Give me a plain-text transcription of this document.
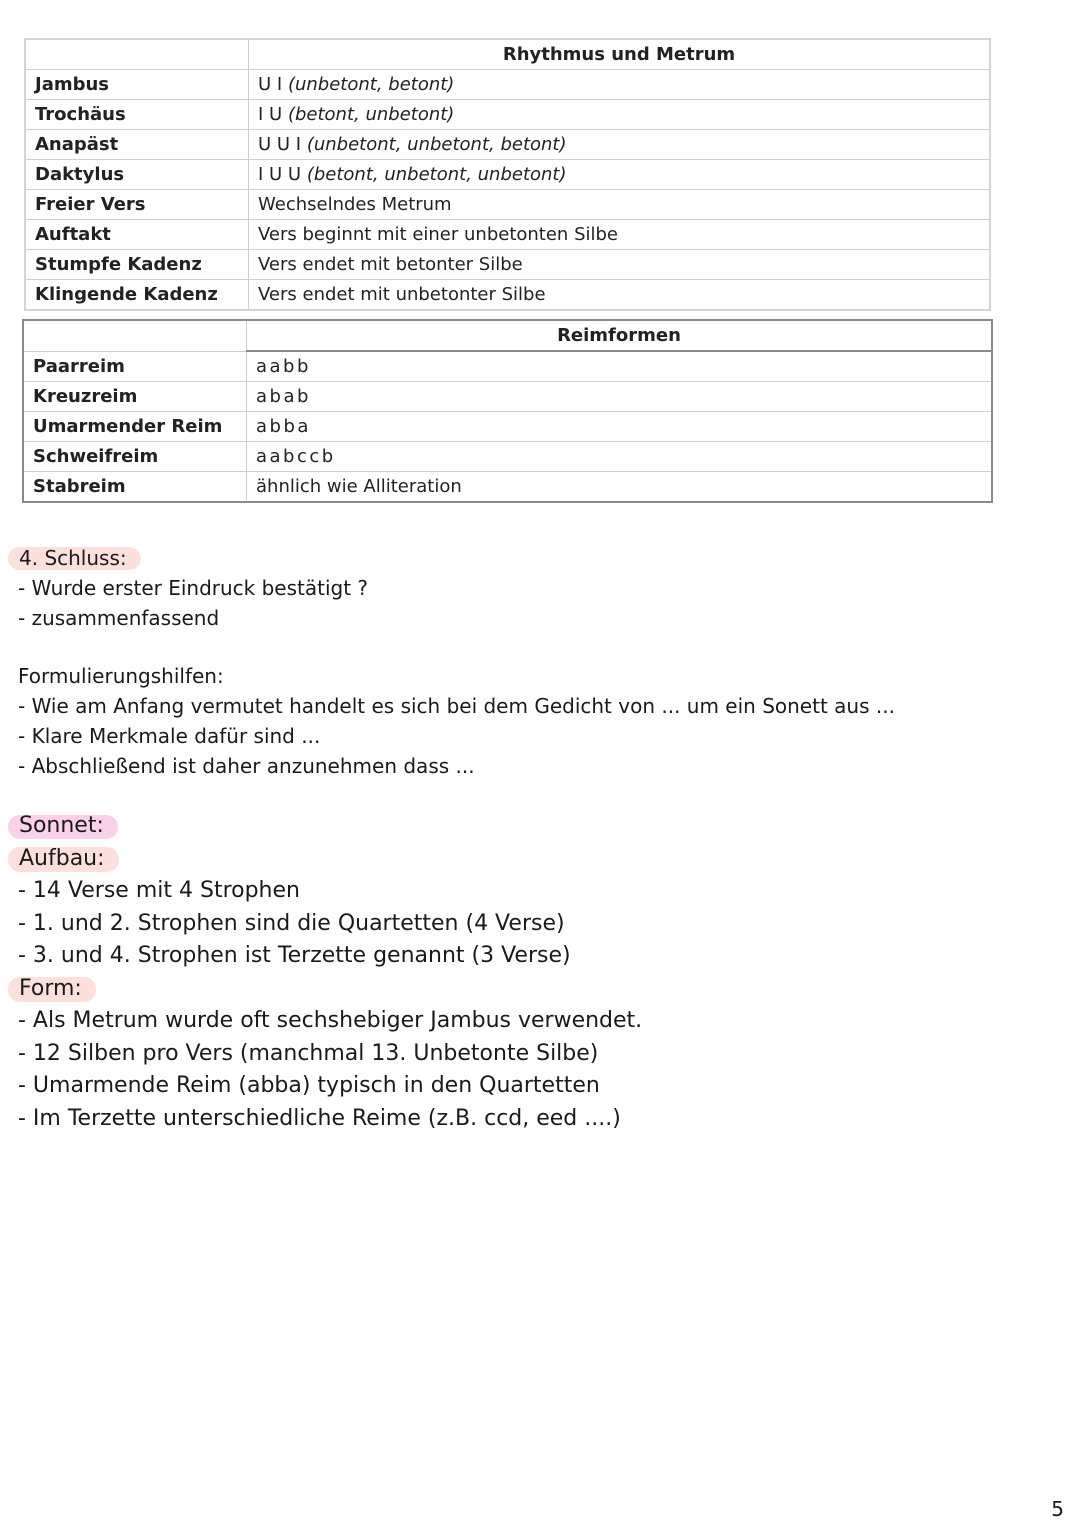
	Rhythmus und Metrum
Jambus	U I (unbetont, betont)
Trochäus	I U (betont, unbetont)
Anapäst	U U I (unbetont, unbetont, betont)
Daktylus	I U U (betont, unbetont, unbetont)
Freier Vers	Wechselndes Metrum
Auftakt	Vers beginnt mit einer unbetonten Silbe
Stumpfe Kadenz	Vers endet mit betonter Silbe
Klingende Kadenz	Vers endet mit unbetonter Silbe
	Reimformen
Paarreim	aabb
Kreuzreim	abab
Umarmender Reim	abba
Schweifreim	aabccb
Stabreim	ähnlich wie Alliteration
4. Schluss:
- Wurde erster Eindruck bestätigt ?
- zusammenfassend
Formulierungshilfen:
- Wie am Anfang vermutet handelt es sich bei dem Gedicht von ... um ein Sonett aus ...
- Klare Merkmale dafür sind ...
- Abschließend ist daher anzunehmen dass ...
Sonnet:
Aufbau:
- 14 Verse mit 4 Strophen
- 1. und 2. Strophen sind die Quartetten (4 Verse)
- 3. und 4. Strophen ist Terzette genannt (3 Verse)
Form:
- Als Metrum wurde oft sechshebiger Jambus verwendet.
- 12 Silben pro Vers (manchmal 13. Unbetonte Silbe)
- Umarmende Reim (abba) typisch in den Quartetten
- Im Terzette unterschiedliche Reime (z.B. ccd, eed ....)
5
